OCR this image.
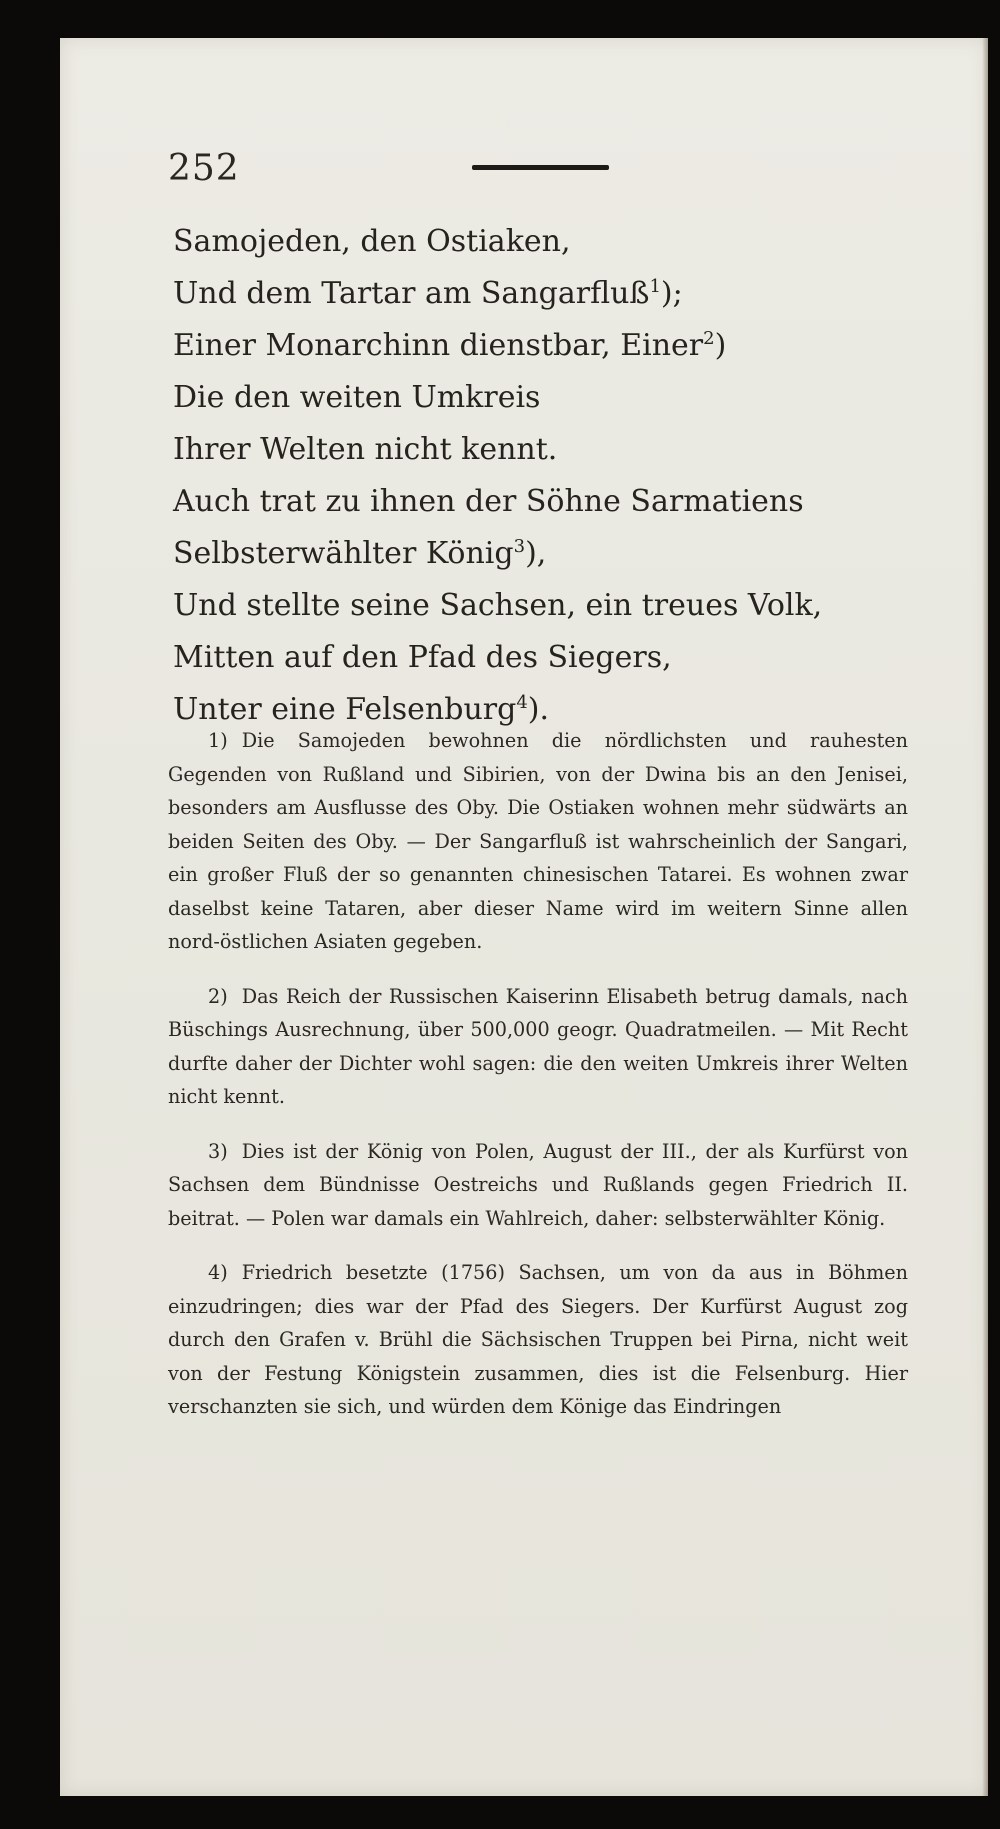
252
Samojeden, den Ostiaken,
Und dem Tartar am Sangarfluß$^1$);
Einer Monarchinn dienstbar, Einer$^2$)
Die den weiten Umkreis
Ihrer Welten nicht kennt.
Auch trat zu ihnen der Söhne Sarmatiens
Selbsterwählter König$^3$),
Und stellte seine Sachsen, ein treues Volk,
Mitten auf den Pfad des Siegers,
Unter eine Felsenburg$^4$).

1) Die Samojeden bewohnen die nördlichsten und rauhesten Gegenden von Rußland und Sibirien, von der Dwina bis an den Jenisei, besonders am Ausflusse des Oby. Die Ostiaken wohnen mehr südwärts an beiden Seiten des Oby. — Der Sangarfluß ist wahrscheinlich der Sangari, ein großer Fluß der so genannten chinesischen Tatarei. Es wohnen zwar daselbst keine Tataren, aber dieser Name wird im weitern Sinne allen nord-östlichen Asiaten gegeben.

2) Das Reich der Russischen Kaiserinn Elisabeth betrug damals, nach Büschings Ausrechnung, über 500,000 geogr. Quadratmeilen. — Mit Recht durfte daher der Dichter wohl sagen: die den weiten Umkreis ihrer Welten nicht kennt.

3) Dies ist der König von Polen, August der III., der als Kurfürst von Sachsen dem Bündnisse Oestreichs und Rußlands gegen Friedrich II. beitrat. — Polen war damals ein Wahlreich, daher: selbsterwählter König.

4) Friedrich besetzte (1756) Sachsen, um von da aus in Böhmen einzudringen; dies war der Pfad des Siegers. Der Kurfürst August zog durch den Grafen v. Brühl die Sächsischen Truppen bei Pirna, nicht weit von der Festung Königstein zusammen, dies ist die Felsenburg. Hier verschanzten sie sich, und würden dem Könige das Eindringen
